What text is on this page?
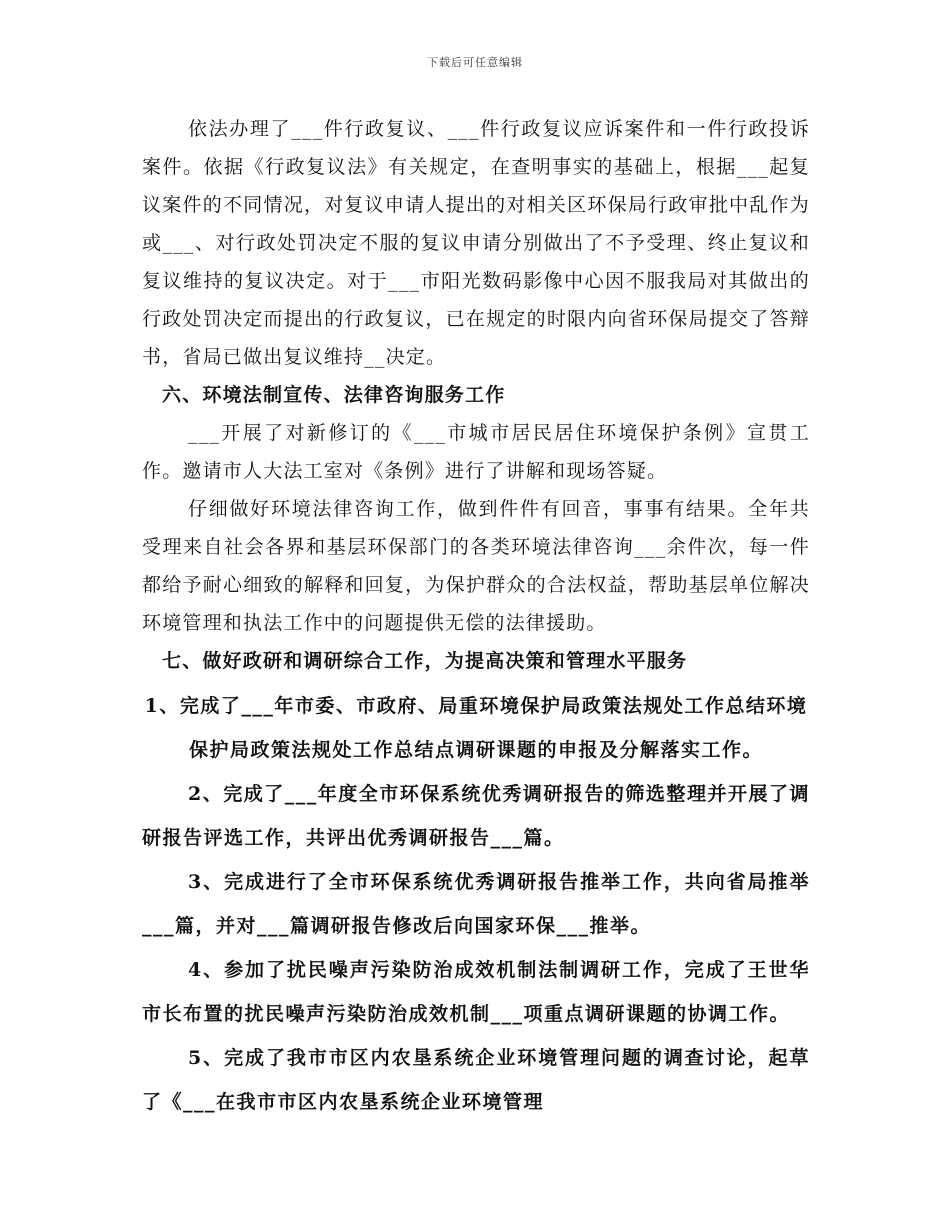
下载后可任意编辑

依法办理了___件行政复议、___件行政复议应诉案件和一件行政投诉案件。依据《行政复议法》有关规定，在查明事实的基础上，根据___起复议案件的不同情况，对复议申请人提出的对相关区环保局行政审批中乱作为或___、对行政处罚决定不服的复议申请分别做出了不予受理、终止复议和复议维持的复议决定。对于___市阳光数码影像中心因不服我局对其做出的行政处罚决定而提出的行政复议，已在规定的时限内向省环保局提交了答辩书，省局已做出复议维持__决定。

六、环境法制宣传、法律咨询服务工作

___开展了对新修订的《___市城市居民居住环境保护条例》宣贯工作。邀请市人大法工室对《条例》进行了讲解和现场答疑。

仔细做好环境法律咨询工作，做到件件有回音，事事有结果。全年共受理来自社会各界和基层环保部门的各类环境法律咨询___余件次，每一件都给予耐心细致的解释和回复，为保护群众的合法权益，帮助基层单位解决环境管理和执法工作中的问题提供无偿的法律援助。

七、做好政研和调研综合工作，为提高决策和管理水平服务

1、完成了___年市委、市政府、局重环境保护局政策法规处工作总结环境保护局政策法规处工作总结点调研课题的申报及分解落实工作。

2、完成了___年度全市环保系统优秀调研报告的筛选整理并开展了调研报告评选工作，共评出优秀调研报告___篇。

3、完成进行了全市环保系统优秀调研报告推举工作，共向省局推举___篇，并对___篇调研报告修改后向国家环保___推举。

4、参加了扰民噪声污染防治成效机制法制调研工作，完成了王世华市长布置的扰民噪声污染防治成效机制___项重点调研课题的协调工作。

5、完成了我市市区内农垦系统企业环境管理问题的调查讨论，起草了《___在我市市区内农垦系统企业环境管理
